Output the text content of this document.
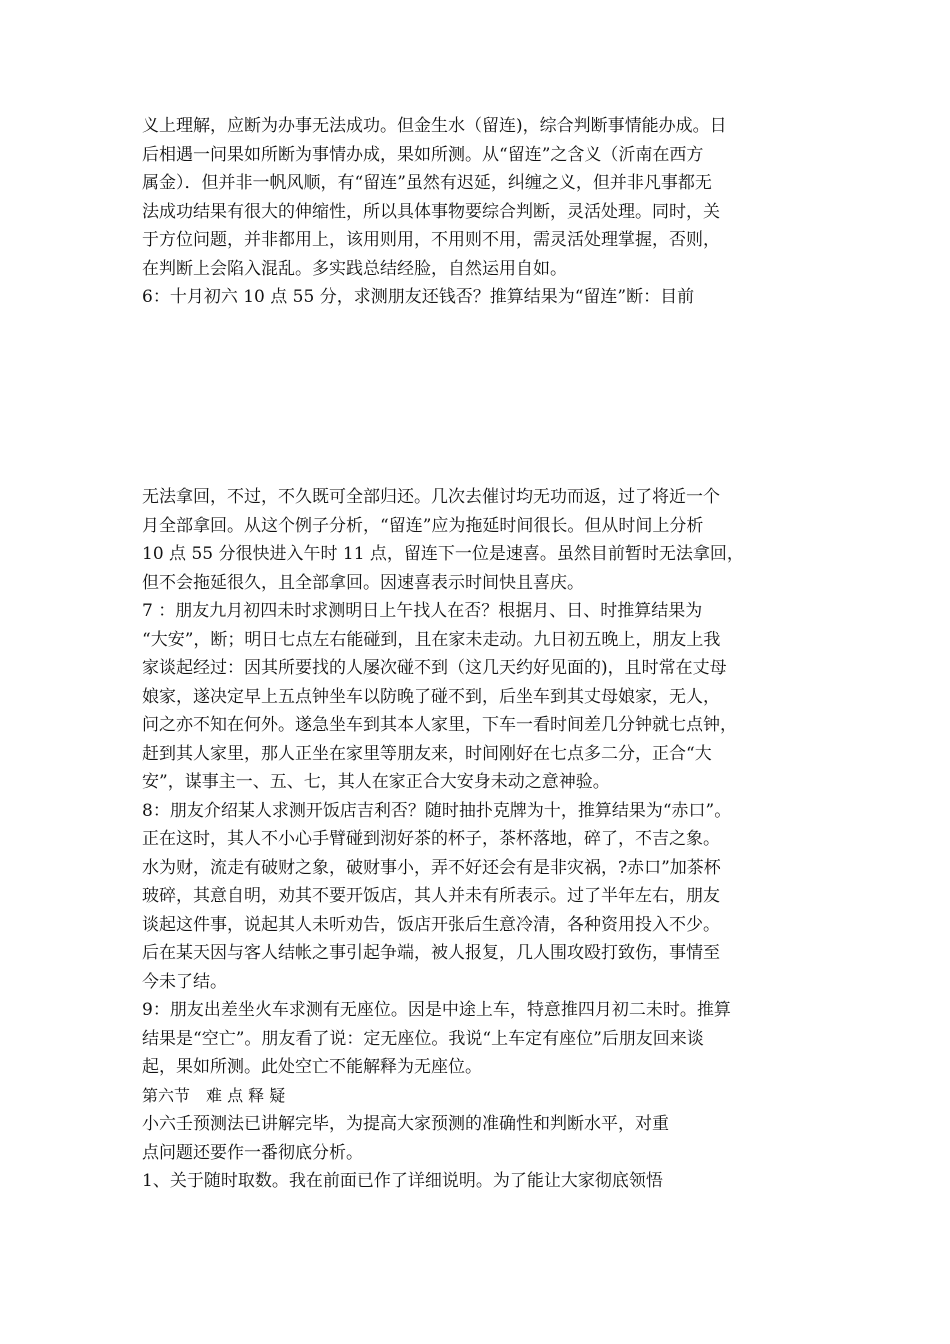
义上理解，应断为办事无法成功。但金生水（留连)，综合判断事情能办成。日
后相遇一问果如所断为事情办成，果如所测。从“留连”之含义（沂南在西方
属金）．但并非一帆风顺，有“留连”虽然有迟延，纠缠之义，但并非凡事都无
法成功结果有很大的伸缩性，所以具体事物要综合判断，灵活处理。同时，关
于方位问题，并非都用上，该用则用，不用则不用，需灵活处理掌握，否则，
在判断上会陷入混乱。多实践总结经脸，自然运用自如。
6：十月初六 10 点 55 分，求测朋友还钱否？推算结果为“留连”断：目前
无法拿回，不过，不久既可全部归还。几次去催讨均无功而返，过了将近一个
月全部拿回。从这个例子分析，“留连”应为拖延时间很长。但从时间上分析
10 点 55 分很快进入午时 11 点，留连下一位是速喜。虽然目前暂时无法拿回，
但不会拖延很久，且全部拿回。因速喜表示时间快且喜庆。
7 ：朋友九月初四未时求测明日上午找人在否？根据月、日、时推算结果为
“大安”，断；明日七点左右能碰到，且在家未走动。九日初五晚上，朋友上我
家谈起经过：因其所要找的人屡次碰不到（这几天约好见面的)，且时常在丈母
娘家，遂决定早上五点钟坐车以防晚了碰不到，后坐车到其丈母娘家，无人，
问之亦不知在何外。遂急坐车到其本人家里，下车一看时间差几分钟就七点钟，
赶到其人家里，那人正坐在家里等朋友来，时间刚好在七点多二分，正合“大
安”，谋事主一、五、七，其人在家正合大安身未动之意神验。
8：朋友介绍某人求测开饭店吉利否？随时抽扑克牌为十，推算结果为“赤口”。
正在这时，其人不小心手臂碰到沏好茶的杯子，茶杯落地，碎了，不吉之象。
水为财，流走有破财之象，破财事小，弄不好还会有是非灾祸，?赤口”加茶杯
玻碎，其意自明，劝其不要开饭店，其人并未有所表示。过了半年左右，朋友
谈起这件事，说起其人未听劝告，饭店开张后生意冷清，各种资用投入不少。
后在某天因与客人结帐之事引起争端，被人报复，几人围攻殴打致伤，事情至
今未了结。
9：朋友出差坐火车求测有无座位。因是中途上车，特意推四月初二未时。推算
结果是“空亡”。朋友看了说：定无座位。我说“上车定有座位”后朋友回来谈
起，果如所测。此处空亡不能解释为无座位。
第六节　难 点 释 疑
小六壬预测法已讲解完毕，为提高大家预测的准确性和判断水平，对重
点问题还要作一番彻底分析。
1、关于随时取数。我在前面已作了详细说明。为了能让大家彻底领悟
